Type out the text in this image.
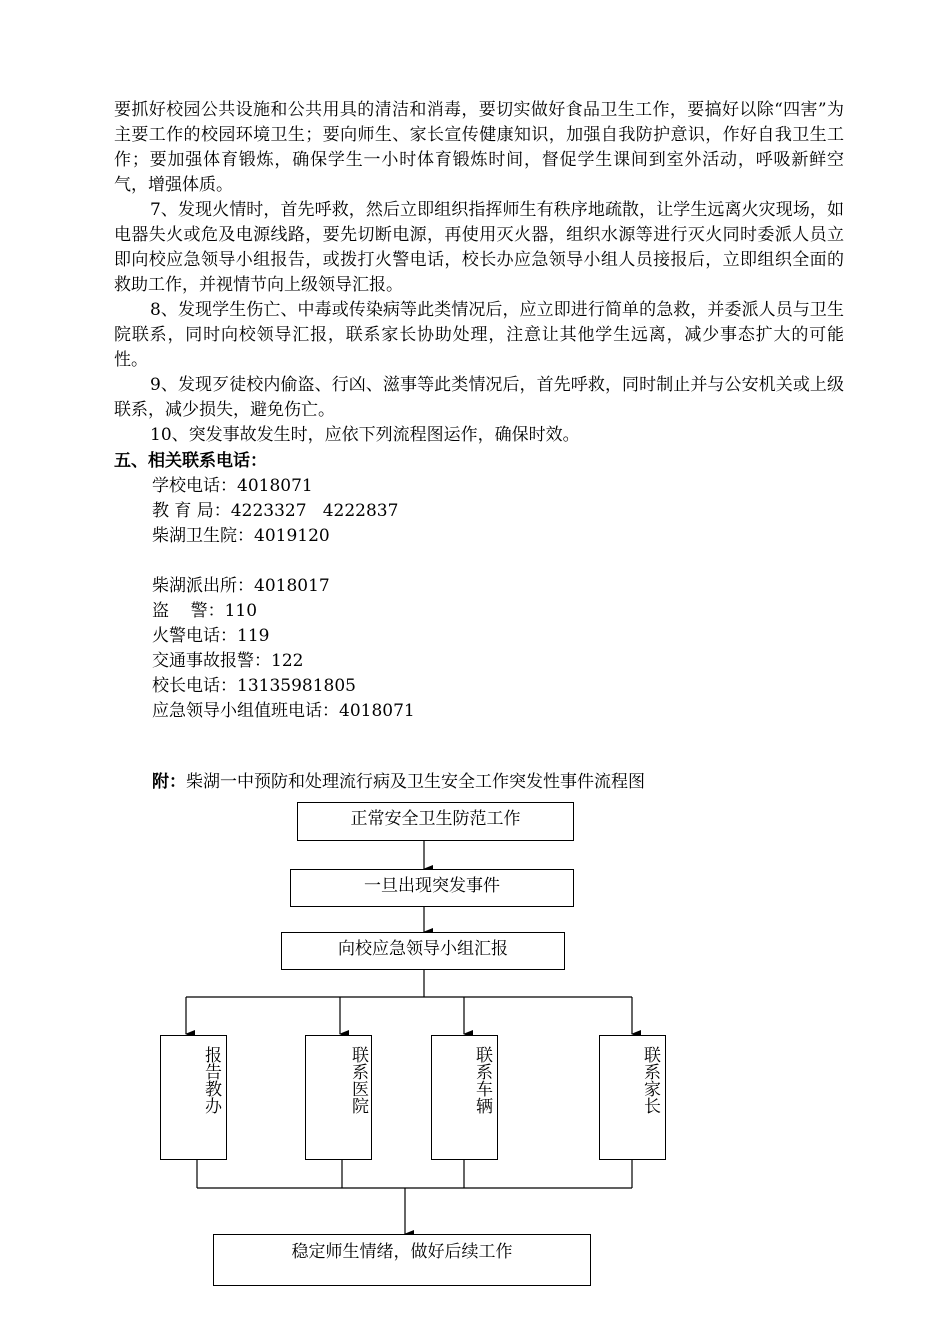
要抓好校园公共设施和公共用具的清洁和消毒，要切实做好食品卫生工作，要搞好以除“四害”为主要工作的校园环境卫生；要向师生、家长宣传健康知识，加强自我防护意识，作好自我卫生工作；要加强体育锻炼，确保学生一小时体育锻炼时间，督促学生课间到室外活动，呼吸新鲜空气，增强体质。

7、发现火情时，首先呼救，然后立即组织指挥师生有秩序地疏散，让学生远离火灾现场，如电器失火或危及电源线路，要先切断电源，再使用灭火器，组织水源等进行灭火同时委派人员立即向校应急领导小组报告，或拨打火警电话，校长办应急领导小组人员接报后，立即组织全面的救助工作，并视情节向上级领导汇报。

8、发现学生伤亡、中毒或传染病等此类情况后，应立即进行简单的急救，并委派人员与卫生院联系，同时向校领导汇报，联系家长协助处理，注意让其他学生远离，减少事态扩大的可能性。

9、发现歹徒校内偷盗、行凶、滋事等此类情况后，首先呼救，同时制止并与公安机关或上级联系，减少损失，避免伤亡。

10、突发事故发生时，应依下列流程图运作，确保时效。

五、相关联系电话：
学校电话：4018071
教 育 局：4223327   4222837
柴湖卫生院：4019120
柴湖派出所：4018017
盗    警：110
火警电话：119
交通事故报警：122
校长电话：13135981805
应急领导小组值班电话：4018071
附：柴湖一中预防和处理流行病及卫生安全工作突发性事件流程图
正常安全卫生防范工作
一旦出现突发事件
向校应急领导小组汇报
报告教办	联系医院	联系车辆	联系家长
稳定师生情绪，做好后续工作
